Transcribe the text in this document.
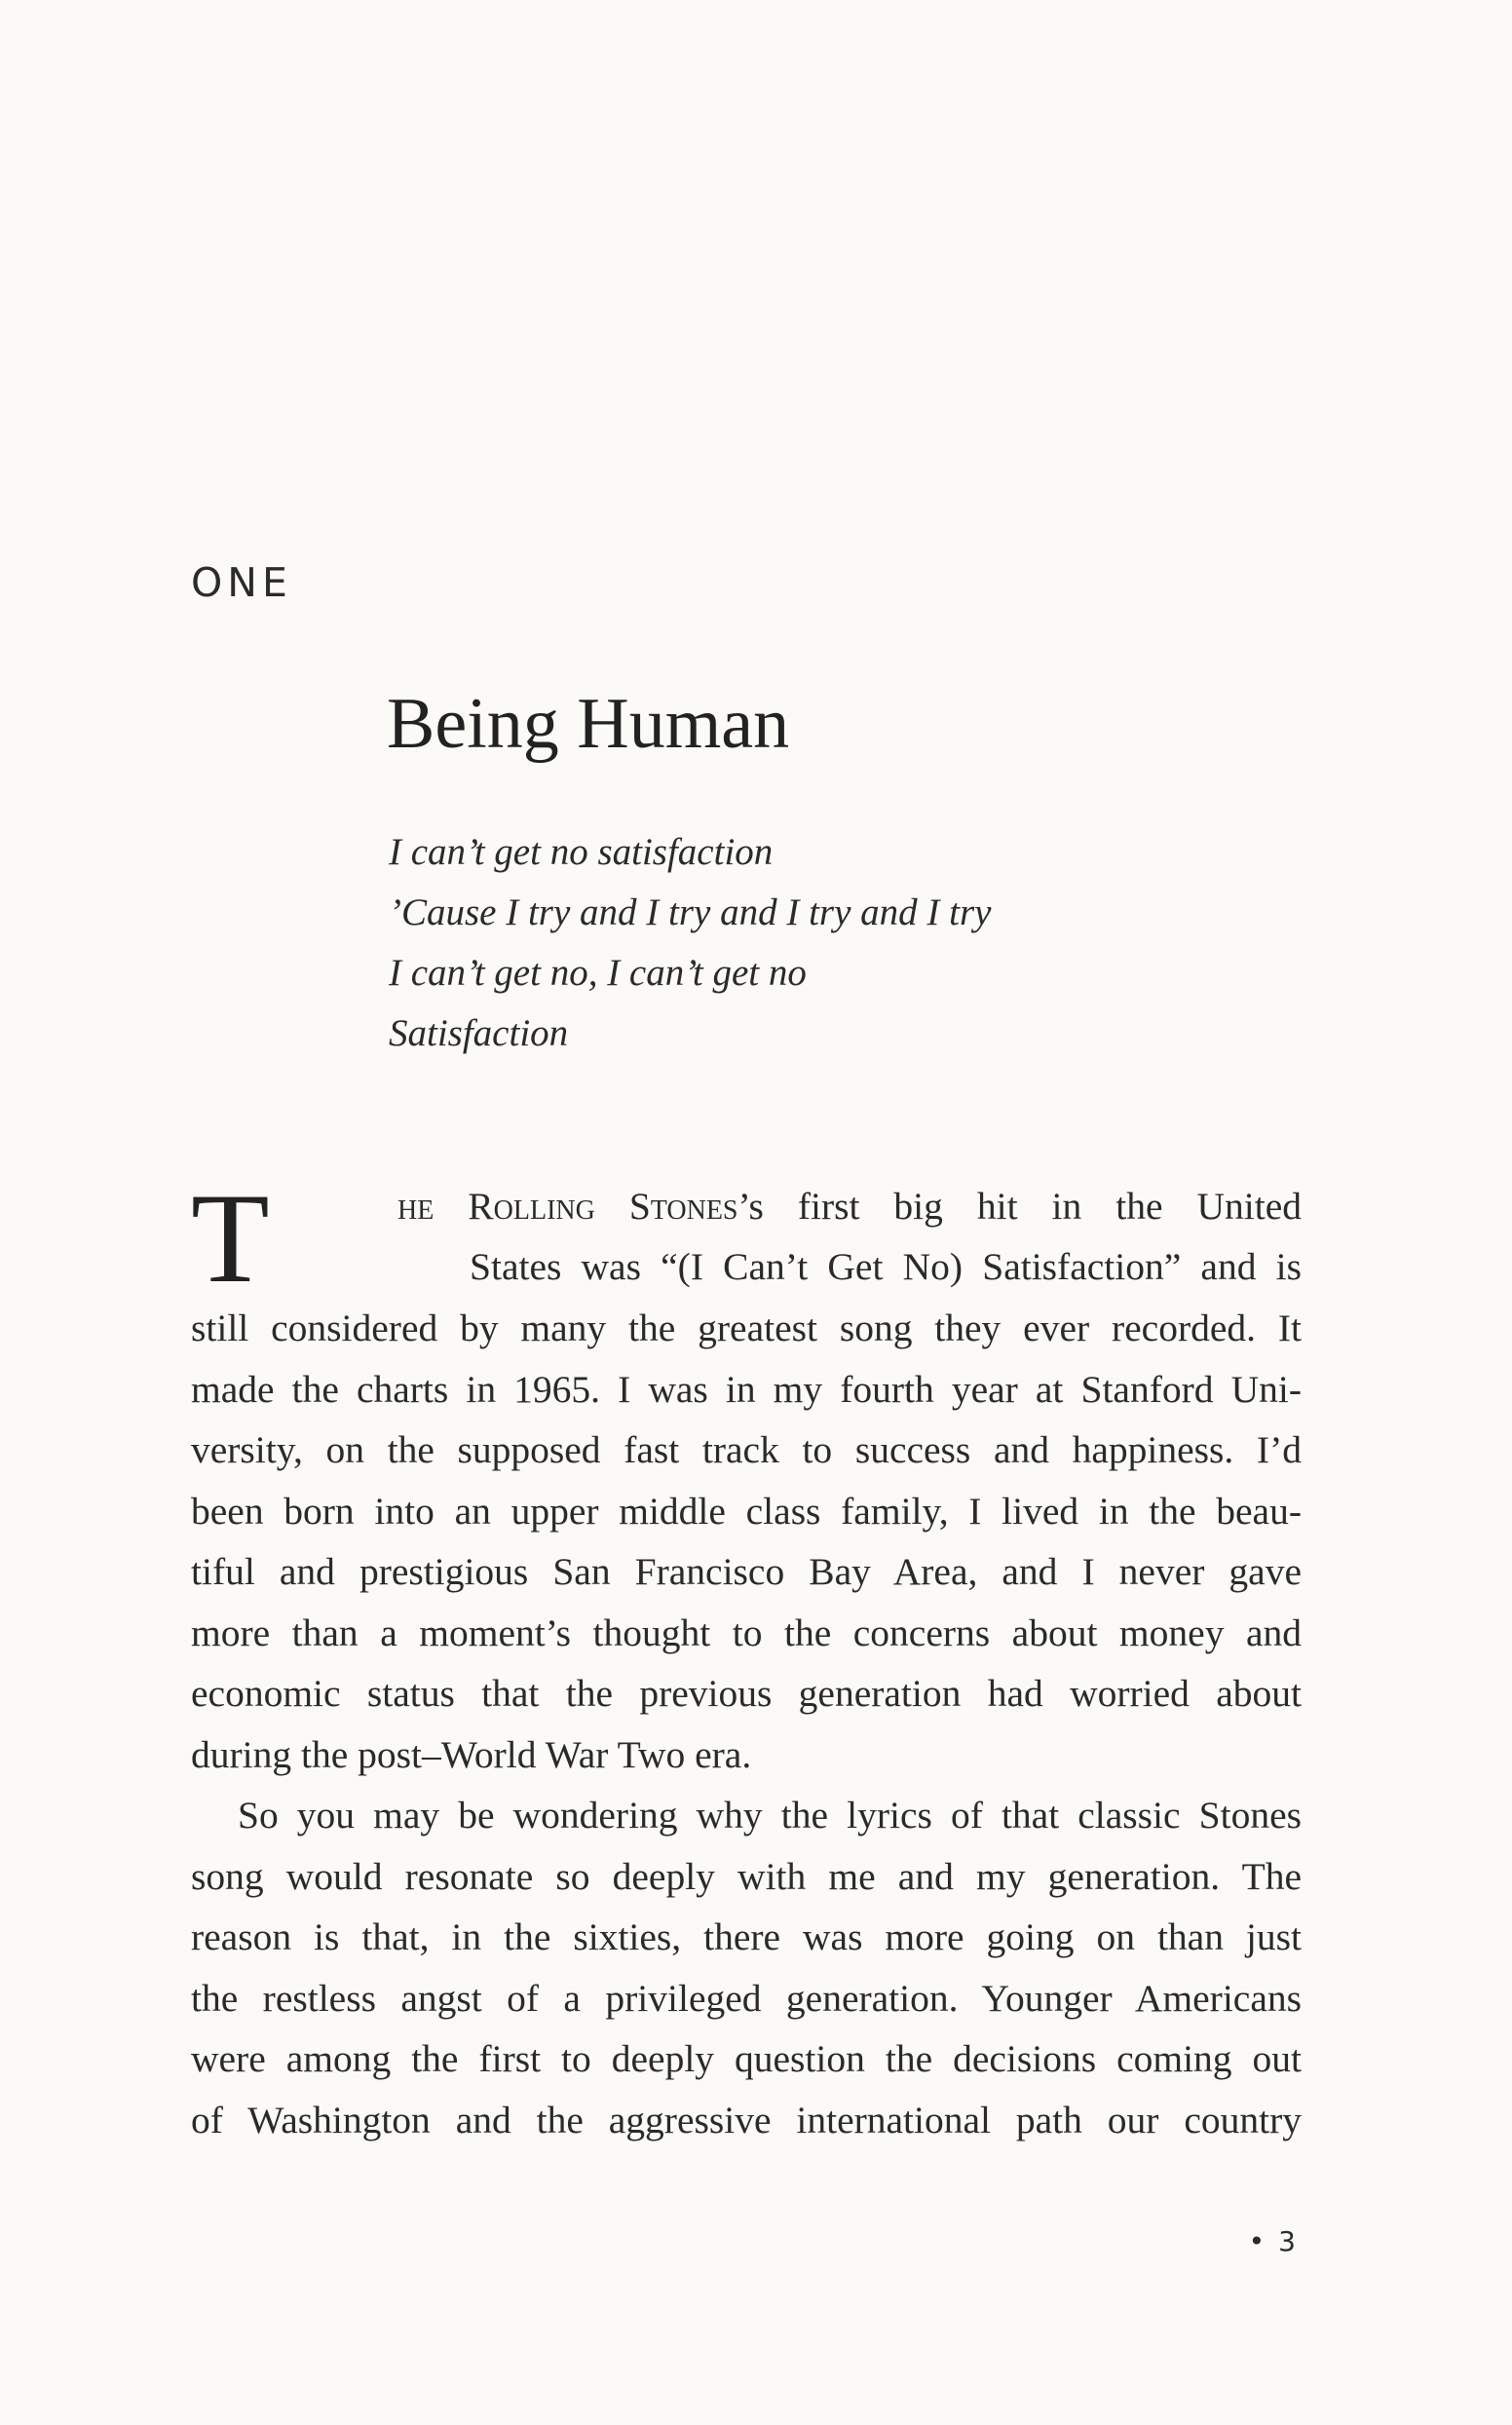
ONE
Being Human
I can’t get no satisfaction
’Cause I try and I try and I try and I try
I can’t get no, I can’t get no
Satisfaction
T	he Rolling Stones’s first big hit in the United
States was “(I Can’t Get No) Satisfaction” and is
still considered by many the greatest song they ever recorded. It
made the charts in 1965. I was in my fourth year at Stanford Uni-
versity, on the supposed fast track to success and happiness. I’d
been born into an upper middle class family, I lived in the beau-
tiful and prestigious San Francisco Bay Area, and I never gave
more than a moment’s thought to the concerns about money and
economic status that the previous generation had worried about
during the post–World War Two era.
So you may be wondering why the lyrics of that classic Stones
song would resonate so deeply with me and my generation. The
reason is that, in the sixties, there was more going on than just
the restless angst of a privileged generation. Younger Americans
were among the first to deeply question the decisions coming out
of Washington and the aggressive international path our country
• 3
